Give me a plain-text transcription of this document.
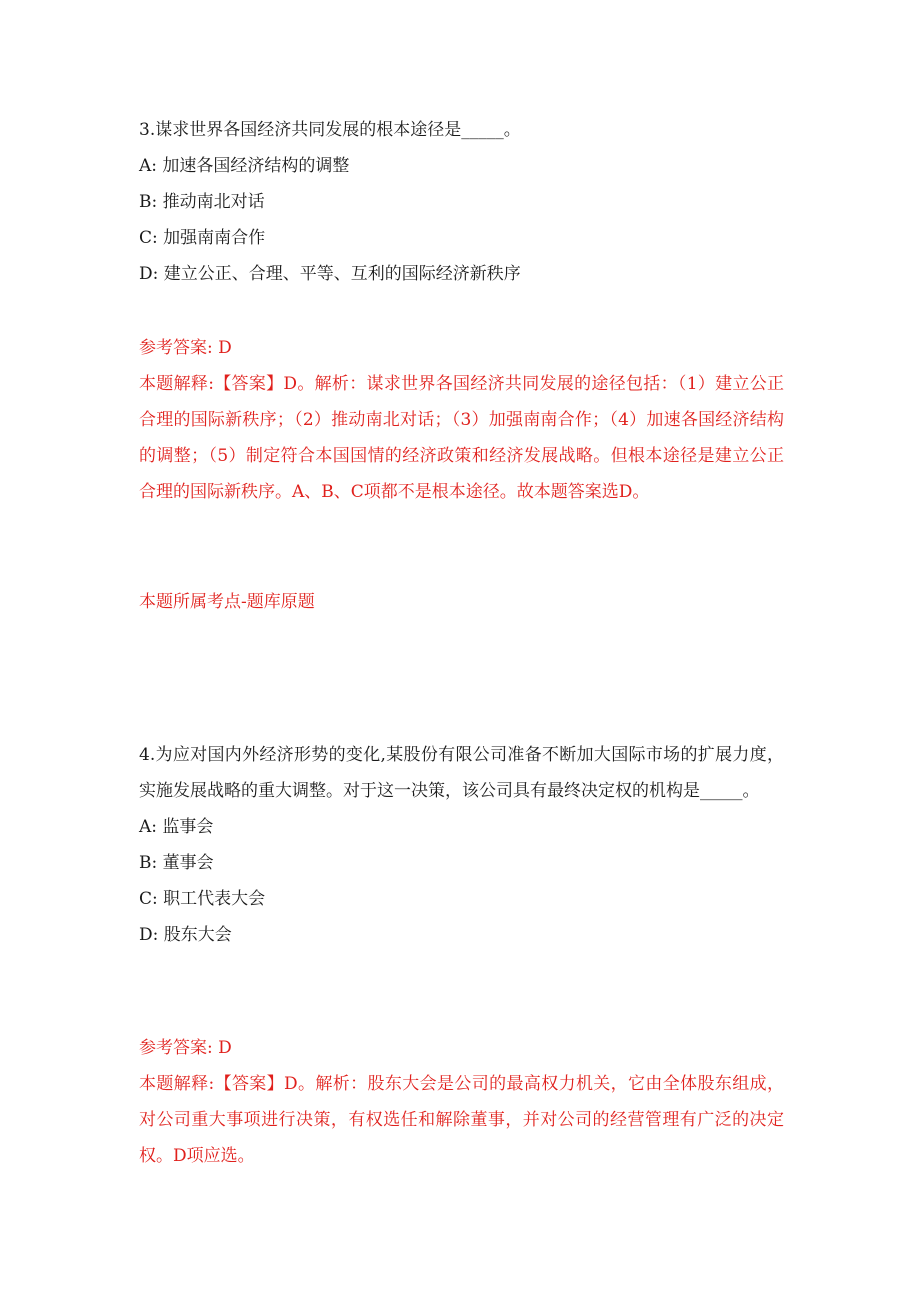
3.谋求世界各国经济共同发展的根本途径是_____。

A: 加速各国经济结构的调整

B: 推动南北对话

C: 加强南南合作

D: 建立公正、合理、平等、互利的国际经济新秩序

参考答案: D

本题解释:【答案】D。解析：谋求世界各国经济共同发展的途径包括：（1）建立公正合理的国际新秩序；（2）推动南北对话；（3）加强南南合作；（4）加速各国经济结构的调整；（5）制定符合本国国情的经济政策和经济发展战略。但根本途径是建立公正合理的国际新秩序。A、B、C项都不是根本途径。故本题答案选D。

本题所属考点-题库原题

4.为应对国内外经济形势的变化,某股份有限公司准备不断加大国际市场的扩展力度，实施发展战略的重大调整。对于这一决策，该公司具有最终决定权的机构是_____。

A: 监事会

B: 董事会

C: 职工代表大会

D: 股东大会

参考答案: D

本题解释:【答案】D。解析：股东大会是公司的最高权力机关，它由全体股东组成，对公司重大事项进行决策，有权选任和解除董事，并对公司的经营管理有广泛的决定权。D项应选。
